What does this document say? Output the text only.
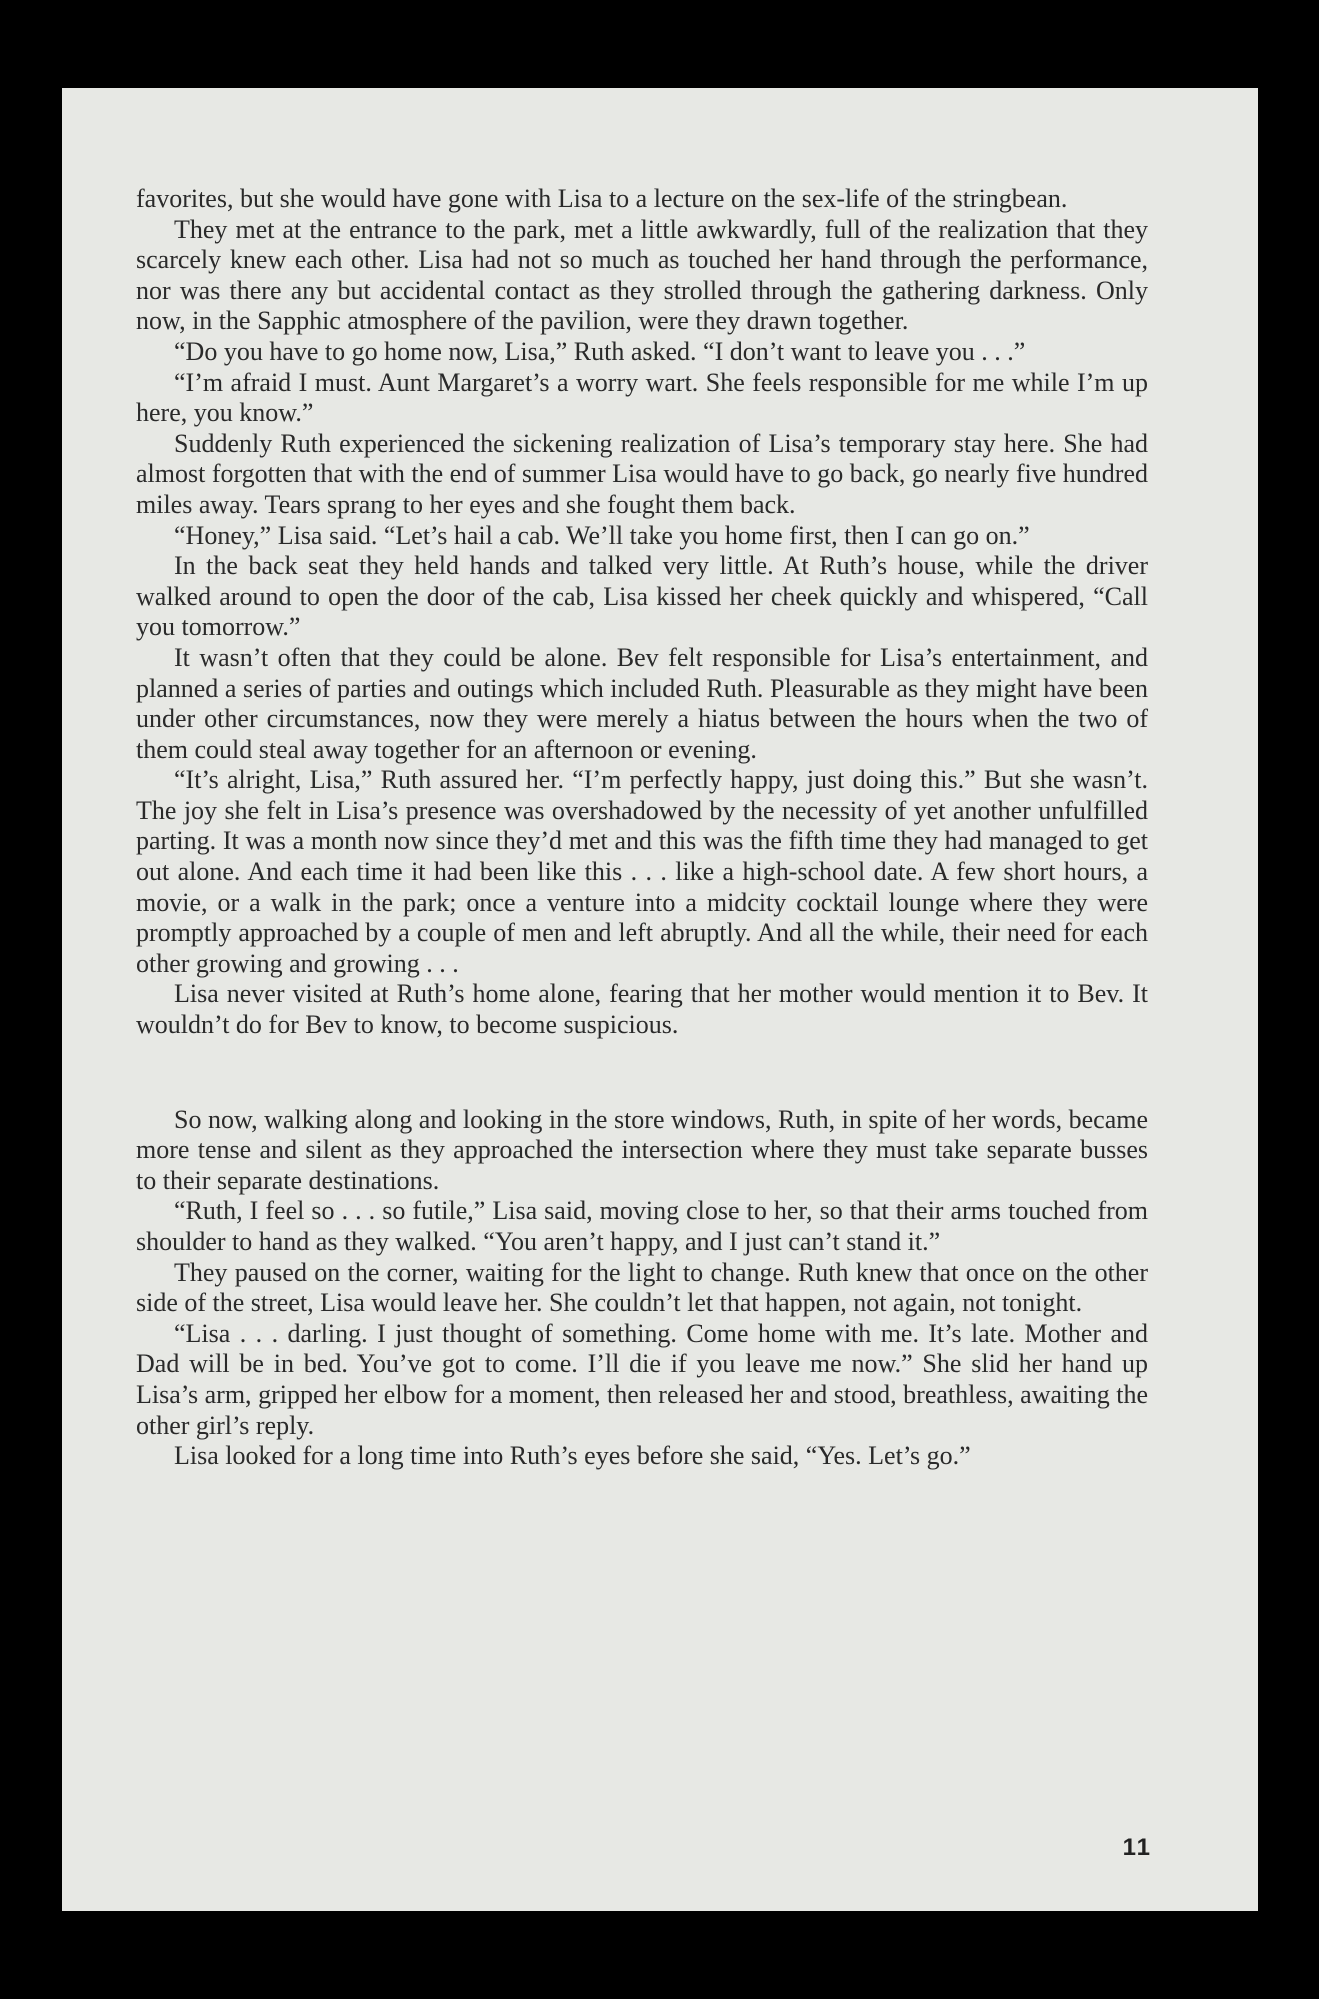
favorites, but she would have gone with Lisa to a lecture on the sex-life of the stringbean.

They met at the entrance to the park, met a little awkwardly, full of the realization that they scarcely knew each other. Lisa had not so much as touched her hand through the performance, nor was there any but accidental contact as they strolled through the gathering darkness. Only now, in the Sapphic atmosphere of the pavilion, were they drawn together.

“Do you have to go home now, Lisa,” Ruth asked. “I don’t want to leave you . . .”

“I’m afraid I must. Aunt Margaret’s a worry wart. She feels responsible for me while I’m up here, you know.”

Suddenly Ruth experienced the sickening realization of Lisa’s temporary stay here. She had almost forgotten that with the end of summer Lisa would have to go back, go nearly five hundred miles away. Tears sprang to her eyes and she fought them back.

“Honey,” Lisa said. “Let’s hail a cab. We’ll take you home first, then I can go on.”

In the back seat they held hands and talked very little. At Ruth’s house, while the driver walked around to open the door of the cab, Lisa kissed her cheek quickly and whispered, “Call you tomorrow.”

It wasn’t often that they could be alone. Bev felt responsible for Lisa’s entertainment, and planned a series of parties and outings which included Ruth. Pleasurable as they might have been under other circumstances, now they were merely a hiatus between the hours when the two of them could steal away together for an afternoon or evening.

“It’s alright, Lisa,” Ruth assured her. “I’m perfectly happy, just doing this.” But she wasn’t. The joy she felt in Lisa’s presence was overshadowed by the necessity of yet another unfulfilled parting. It was a month now since they’d met and this was the fifth time they had managed to get out alone. And each time it had been like this . . . like a high-school date. A few short hours, a movie, or a walk in the park; once a venture into a midcity cocktail lounge where they were promptly approached by a couple of men and left abruptly. And all the while, their need for each other growing and growing . . .

Lisa never visited at Ruth’s home alone, fearing that her mother would mention it to Bev. It wouldn’t do for Bev to know, to become suspicious.

So now, walking along and looking in the store windows, Ruth, in spite of her words, became more tense and silent as they approached the intersection where they must take separate busses to their separate destinations.

“Ruth, I feel so . . . so futile,” Lisa said, moving close to her, so that their arms touched from shoulder to hand as they walked. “You aren’t happy, and I just can’t stand it.”

They paused on the corner, waiting for the light to change. Ruth knew that once on the other side of the street, Lisa would leave her. She couldn’t let that happen, not again, not tonight.

“Lisa . . . darling. I just thought of something. Come home with me. It’s late. Mother and Dad will be in bed. You’ve got to come. I’ll die if you leave me now.” She slid her hand up Lisa’s arm, gripped her elbow for a moment, then released her and stood, breathless, awaiting the other girl’s reply.

Lisa looked for a long time into Ruth’s eyes before she said, “Yes. Let’s go.”

11
